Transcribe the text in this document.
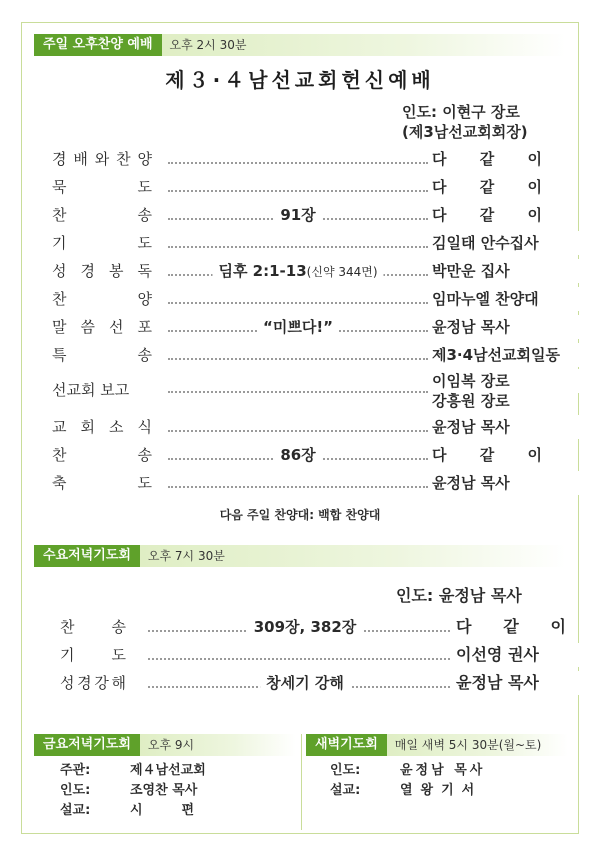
주일 오후찬양 예배	오후 2시 30분
제３·４남선교회헌신예배
인도: 이현구 장로
(제3남선교회회장)
경 배 와 찬 양	다 같 이
묵	도	다 같 이
찬	송	91장	다 같 이
기	도	김일태 안수집사
성 경 봉 독	딤후 2:1-13(신약 344면)	박만운 집사
찬	양	임마누엘 찬양대
말 씀 선 포	“미쁘다!”	윤정남 목사
특	송	제3·4남선교회일동
선교회 보고	이임복 장로
강흥원 장로
교 회 소 식	윤정남 목사
찬	송	86장	다 같 이
축	도	윤정남 목사
다음 주일 찬양대: 백합 찬양대
수요저녁기도회	오후 7시 30분
인도: 윤정남 목사
찬 송	309장, 382장	다 같 이
기 도	이선영 권사
성 경 강 해	창세기 강해	윤정남 목사
금요저녁기도회	오후 9시	새벽기도회	매일 새벽 5시 30분(월~토)
주관:	제４남선교회
인도:	조영찬 목사
설교:	시　　　편
인도:	윤정남 목사
설교:	열왕기서
